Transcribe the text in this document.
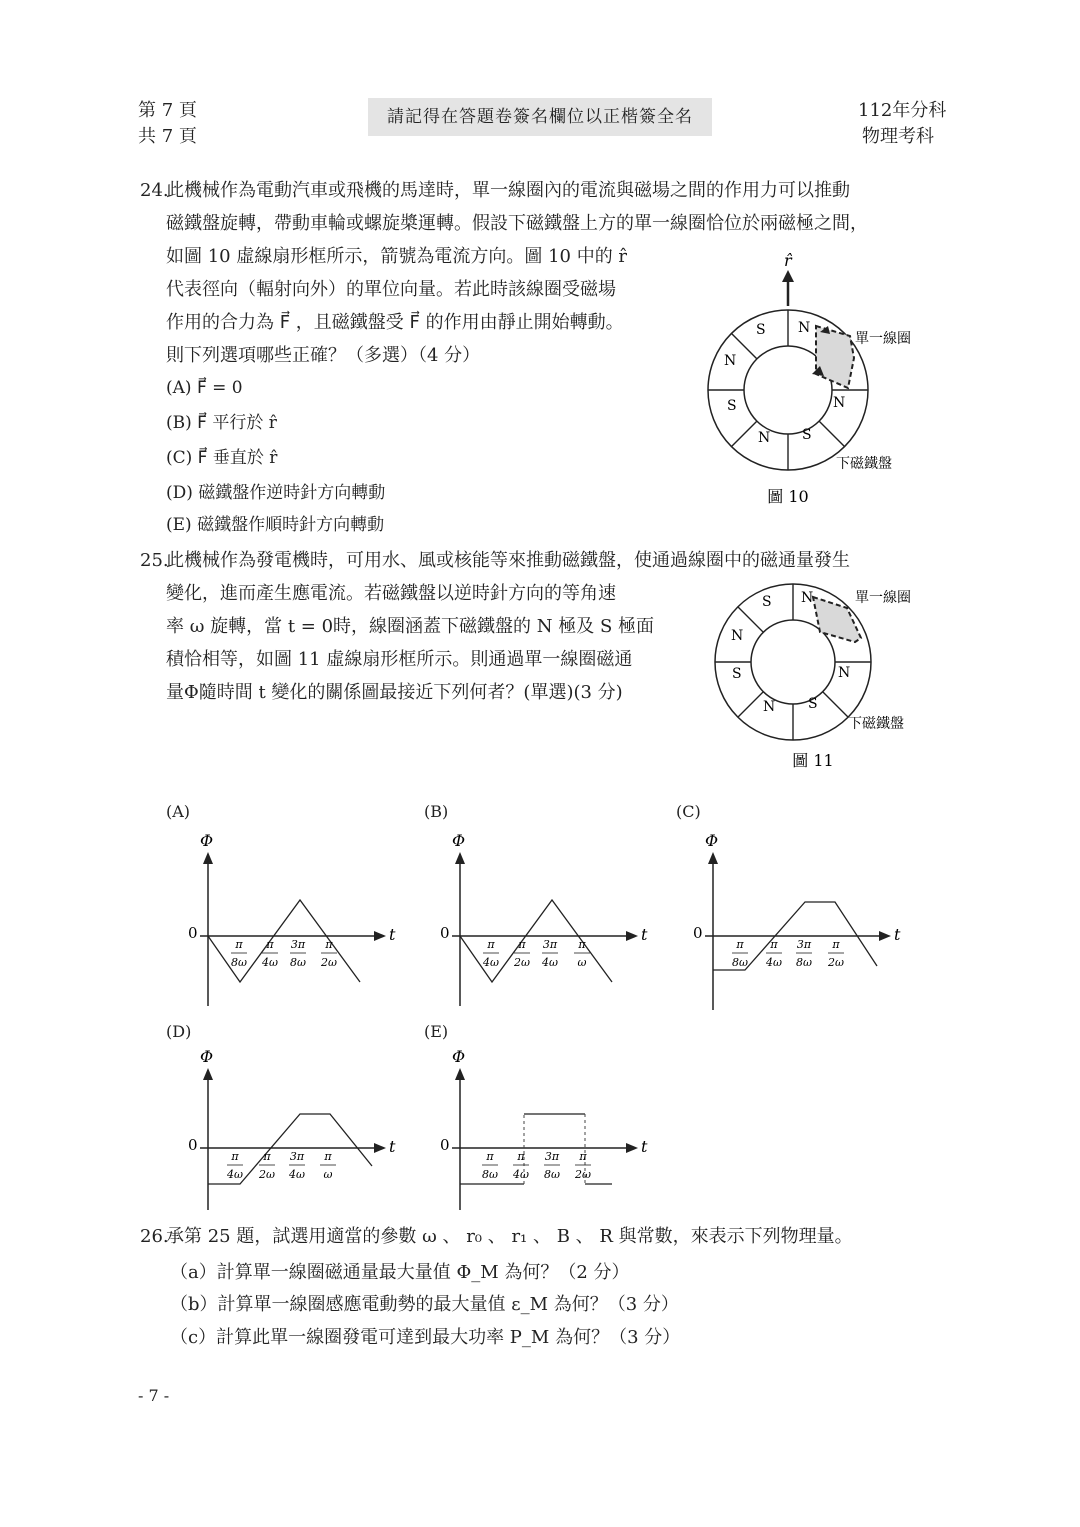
第 7 頁
共 7 頁
請記得在答題卷簽名欄位以正楷簽全名	112年分科
物理考科
24.
此機械作為電動汽車或飛機的馬達時，單一線圈內的電流與磁場之間的作用力可以推動
磁鐵盤旋轉，帶動車輪或螺旋槳運轉。假設下磁鐵盤上方的單一線圈恰位於兩磁極之間，
如圖 10 虛線扇形框所示，箭號為電流方向。圖 10 中的 r̂
代表徑向（輻射向外）的單位向量。若此時該線圈受磁場
作用的合力為 F⃗ ，且磁鐵盤受 F⃗ 的作用由靜止開始轉動。
則下列選項哪些正確？（多選）（4 分）
(A) F⃗ = 0
(B) F⃗ 平行於 r̂
(C) F⃗ 垂直於 r̂
(D) 磁鐵盤作逆時針方向轉動
(E) 磁鐵盤作順時針方向轉動
r̂
N
N
S
N
S
N
S
單一線圈
下磁鐵盤
圖 10
25.
此機械作為發電機時，可用水、風或核能等來推動磁鐵盤，使通過線圈中的磁通量發生
變化，進而產生應電流。若磁鐵盤以逆時針方向的等角速
率 ω 旋轉，當 t = 0時，線圈涵蓋下磁鐵盤的 N 極及 S 極面
積恰相等，如圖 11 虛線扇形框所示。則通過單一線圈磁通
量Φ隨時間 t 變化的關係圖最接近下列何者？(單選)(3 分)
N
N
S
N
S
N
S	單一線圈
下磁鐵盤
圖 11
(A)	(B)	(C)
(D)	(E)
Φ
t
0
π
8ω
π
4ω
3π
8ω
π
2ω
Φ
t
0
π
4ω
π
2ω
3π
4ω
π
ω
Φ
t
0
π
8ω
π
4ω
3π
8ω
π
2ω
Φ
t
0
π
4ω
π
2ω
3π
4ω
π
ω
Φ
t
0
π
8ω
π
4ω
3π
8ω
π
2ω
26.
承第 25 題，試選用適當的參數 ω 、 r₀ 、 r₁ 、 B 、 R 與常數，來表示下列物理量。
（a）計算單一線圈磁通量最大量值 Φ_M 為何？（2 分）
（b）計算單一線圈感應電動勢的最大量值 ε_M 為何？（3 分）
（c）計算此單一線圈發電可達到最大功率 P_M 為何？（3 分）
- 7 -
